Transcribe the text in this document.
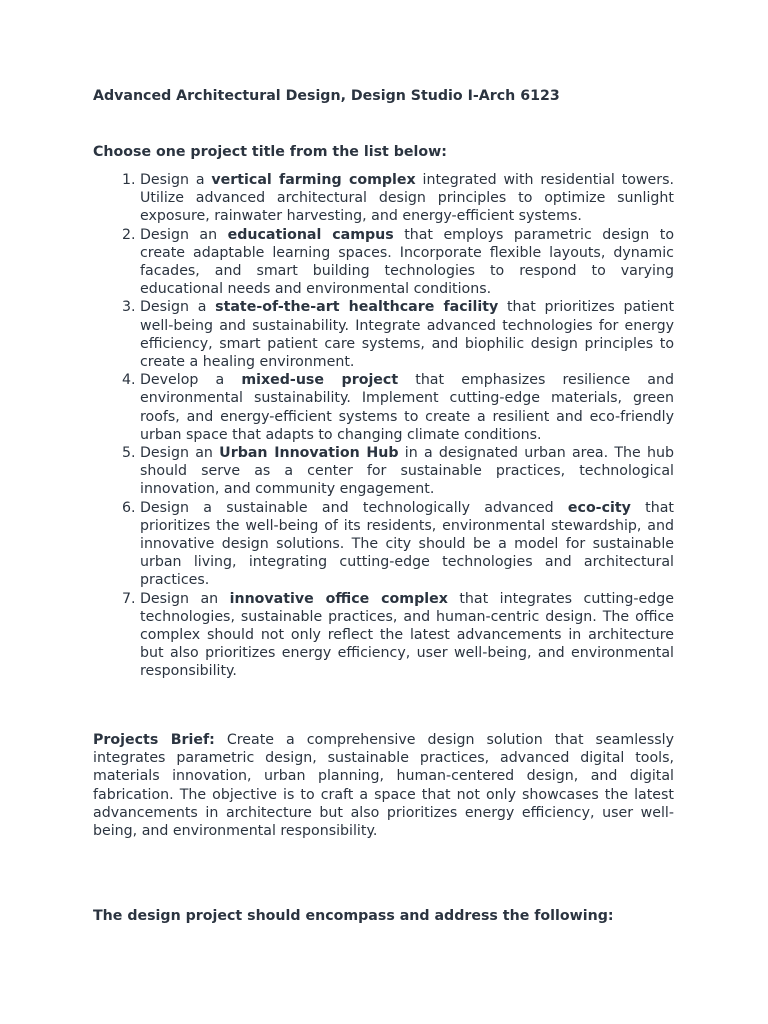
Advanced Architectural Design, Design Studio I-Arch 6123

Choose one project title from the list below:

1. Design a vertical farming complex integrated with residential towers. Utilize advanced architectural design principles to optimize sunlight exposure, rainwater harvesting, and energy-efficient systems.
2. Design an educational campus that employs parametric design to create adaptable learning spaces. Incorporate flexible layouts, dynamic facades, and smart building technologies to respond to varying educational needs and environmental conditions.
3. Design a state-of-the-art healthcare facility that prioritizes patient well-being and sustainability. Integrate advanced technologies for energy efficiency, smart patient care systems, and biophilic design principles to create a healing environment.
4. Develop a mixed-use project that emphasizes resilience and environmental sustainability. Implement cutting-edge materials, green roofs, and energy-efficient systems to create a resilient and eco-friendly urban space that adapts to changing climate conditions.
5. Design an Urban Innovation Hub in a designated urban area. The hub should serve as a center for sustainable practices, technological innovation, and community engagement.
6. Design a sustainable and technologically advanced eco-city that prioritizes the well-being of its residents, environmental stewardship, and innovative design solutions. The city should be a model for sustainable urban living, integrating cutting-edge technologies and architectural practices.
7. Design an innovative office complex that integrates cutting-edge technologies, sustainable practices, and human-centric design. The office complex should not only reflect the latest advancements in architecture but also prioritizes energy efficiency, user well-being, and environmental responsibility.

Projects Brief: Create a comprehensive design solution that seamlessly integrates parametric design, sustainable practices, advanced digital tools, materials innovation, urban planning, human-centered design, and digital fabrication. The objective is to craft a space that not only showcases the latest advancements in architecture but also prioritizes energy efficiency, user well-being, and environmental responsibility.

The design project should encompass and address the following:
